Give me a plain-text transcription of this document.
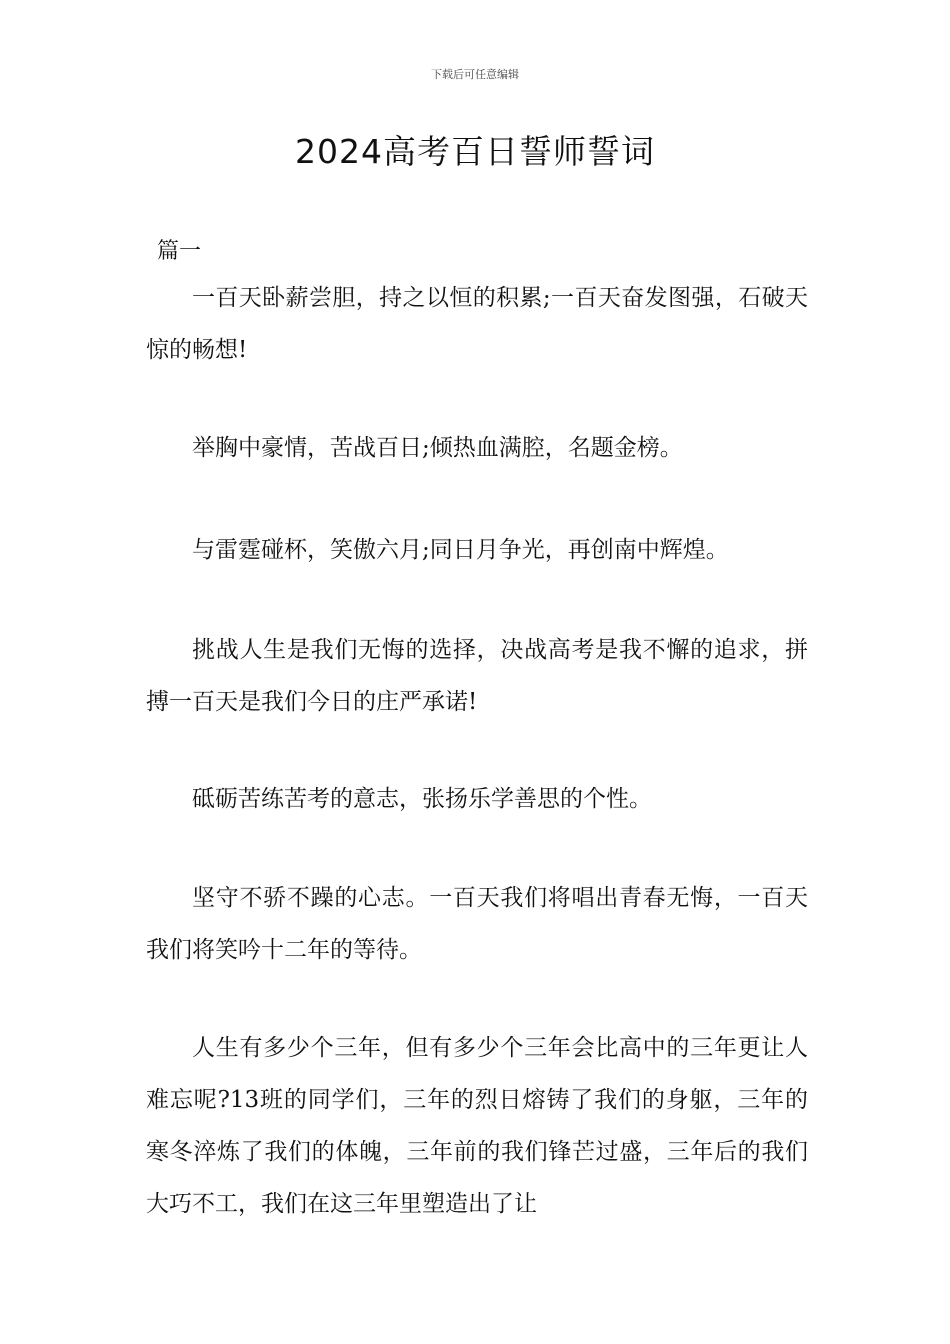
下载后可任意编辑
2024高考百日誓师誓词
篇一

一百天卧薪尝胆，持之以恒的积累;一百天奋发图强，石破天惊的畅想!

举胸中豪情，苦战百日;倾热血满腔，名题金榜。

与雷霆碰杯，笑傲六月;同日月争光，再创南中辉煌。

挑战人生是我们无悔的选择，决战高考是我不懈的追求，拼搏一百天是我们今日的庄严承诺!

砥砺苦练苦考的意志，张扬乐学善思的个性。

坚守不骄不躁的心志。一百天我们将唱出青春无悔，一百天我们将笑吟十二年的等待。

人生有多少个三年，但有多少个三年会比高中的三年更让人难忘呢?13班的同学们，三年的烈日熔铸了我们的身躯，三年的寒冬淬炼了我们的体魄，三年前的我们锋芒过盛，三年后的我们大巧不工，我们在这三年里塑造出了让
